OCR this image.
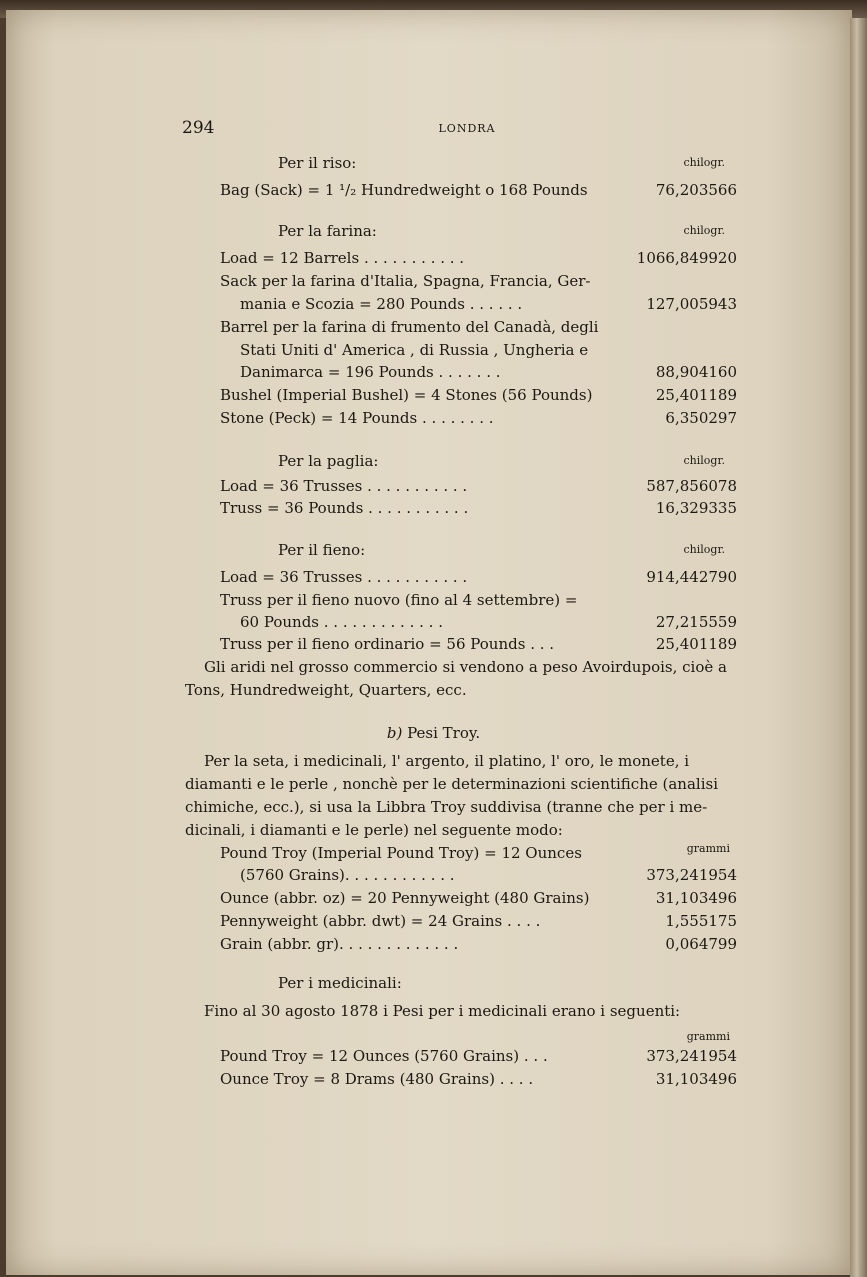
294	LONDRA
Per il riso:	chilogr.
Bag (Sack) = 1 ¹/₂ Hundredweight o 168 Pounds	76,203566
Per la farina:	chilogr.
Load = 12 Barrels . . . . . . . . . . .	1066,849920
Sack per la farina d'Italia, Spagna, Francia, Ger-
mania e Scozia = 280 Pounds . . . . . .	127,005943
Barrel per la farina di frumento del Canadà, degli
Stati Uniti d' America , di Russia , Ungheria e
Danimarca = 196 Pounds . . . . . . .	88,904160
Bushel (Imperial Bushel) = 4 Stones (56 Pounds)	25,401189
Stone (Peck) = 14 Pounds . . . . . . . .	6,350297
Per la paglia:	chilogr.
Load = 36 Trusses . . . . . . . . . . .	587,856078
Truss = 36 Pounds . . . . . . . . . . .	16,329335
Per il fieno:	chilogr.
Load = 36 Trusses . . . . . . . . . . .	914,442790
Truss per il fieno nuovo (fino al 4 settembre) =
60 Pounds . . . . . . . . . . . . .	27,215559
Truss per il fieno ordinario = 56 Pounds . . .	25,401189
Gli aridi nel grosso commercio si vendono a peso Avoirdupois, cioè a
Tons, Hundredweight, Quarters, ecc.
b) Pesi Troy.
Per la seta, i medicinali, l' argento, il platino, l' oro, le monete, i
diamanti e le perle , nonchè per le determinazioni scientifiche (analisi
chimiche, ecc.), si usa la Libbra Troy suddivisa (tranne che per i me-
dicinali, i diamanti e le perle) nel seguente modo:
Pound Troy (Imperial Pound Troy) = 12 Ounces	grammi
(5760 Grains). . . . . . . . . . . .	373,241954
Ounce (abbr. oz) = 20 Pennyweight (480 Grains)	31,103496
Pennyweight (abbr. dwt) = 24 Grains . . . .	1,555175
Grain (abbr. gr). . . . . . . . . . . . .	0,064799
Per i medicinali:
Fino al 30 agosto 1878 i Pesi per i medicinali erano i seguenti:
grammi
Pound Troy = 12 Ounces (5760 Grains) . . .	373,241954
Ounce Troy = 8 Drams (480 Grains) . . . .	31,103496
